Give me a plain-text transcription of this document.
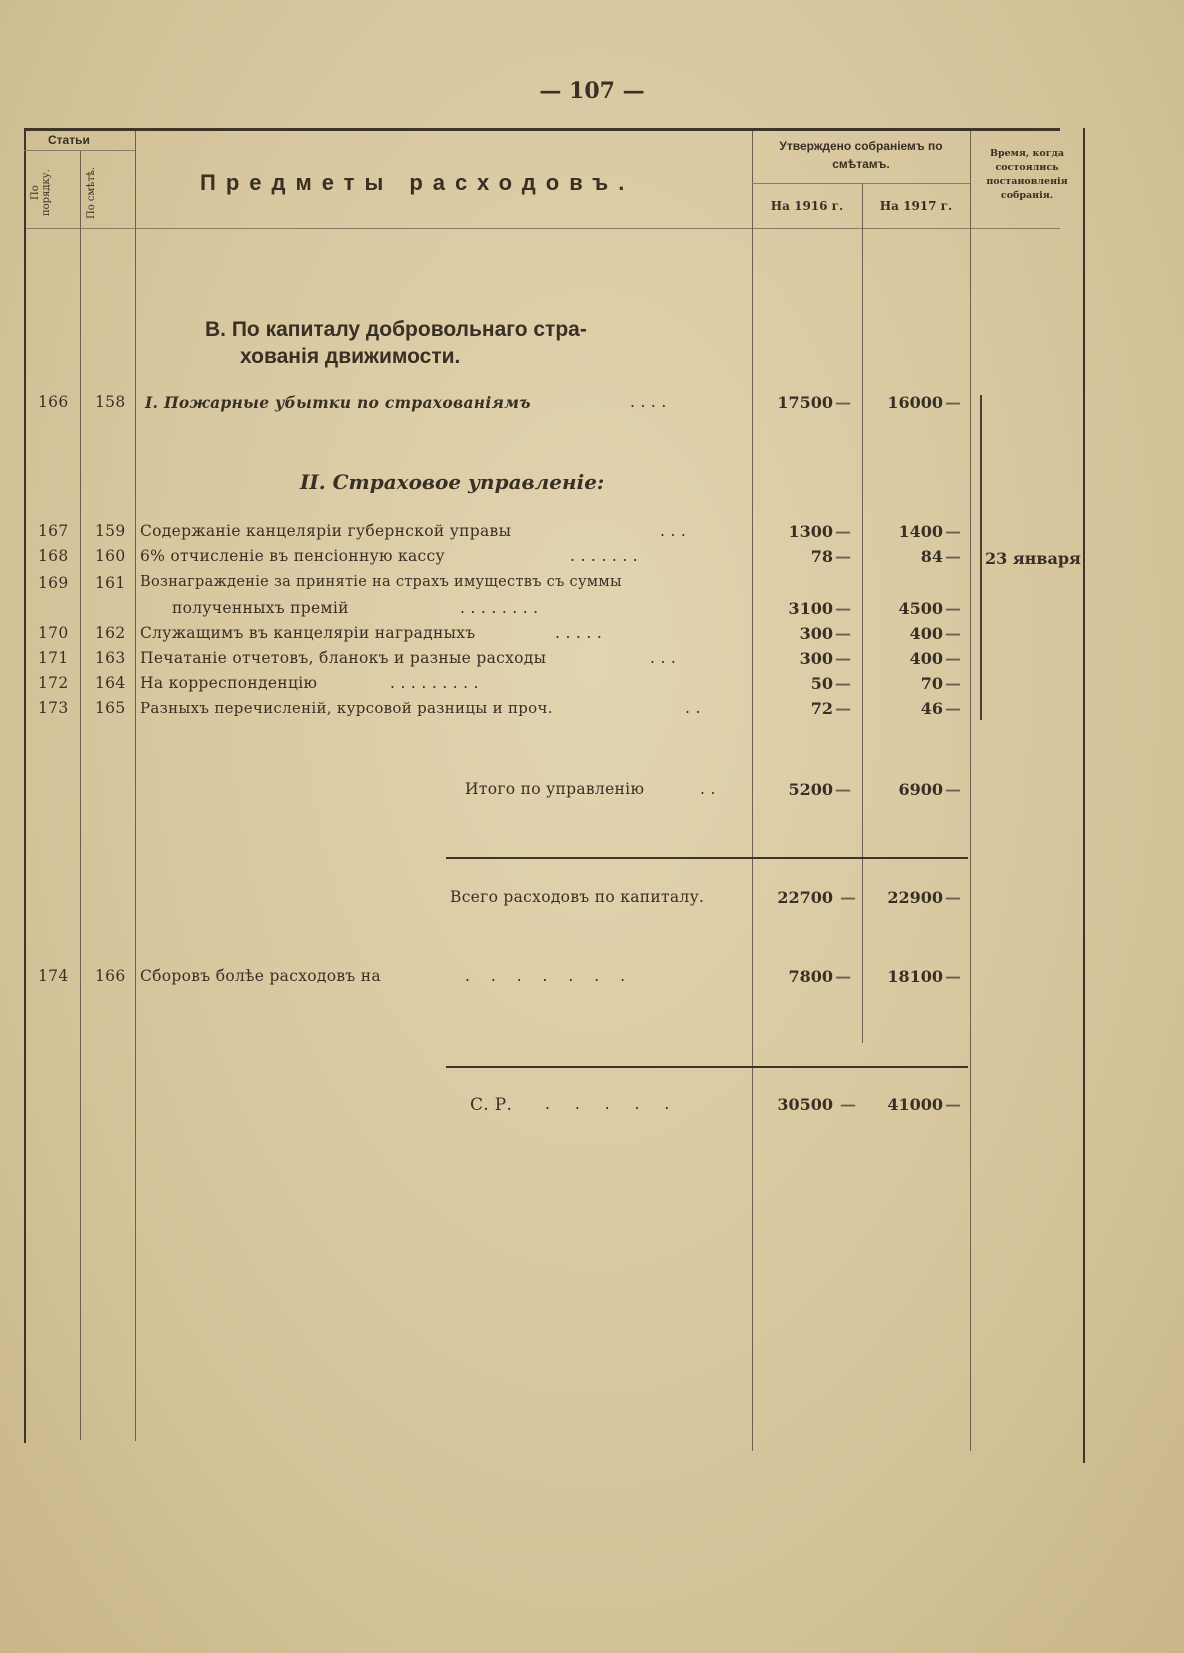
— 107 —
Статьи
По порядку.	По смѣтѣ.	Предметы расходовъ.
Утверждено собраніемъ по смѣтамъ.
На 1916 г.	На 1917 г.
Время, когда состоялись постановленія собранія.
В. По капиталу добровольнаго стра-
хованія движимости.
166 158 I. Пожарные убытки по страхованіямъ	. . . .	17500 —	16000 —
II. Страховое управленіе:
167 159 Содержаніе канцеляріи губернской управы	. . .	1300 —	1400 —
168 160 6% отчисленіе въ пенсіонную кассу	. . . . . . .	78 —	84 — 23 января
169 161 Вознагражденіе за принятіе на страхъ имуществъ съ суммы
полученныхъ премій	. . . . . . . .	3100 —	4500 —
170 162 Служащимъ въ канцеляріи наградныхъ	. . . . .	300 —	400 —
171 163 Печатаніе отчетовъ, бланокъ и разные расходы	. . .	300 —	400 —
172 164 На корреспонденцію	. . . . . . . . .	50 —	70 —
173 165 Разныхъ перечисленій, курсовой разницы и проч.	. .	72 —	46 —
Итого по управленію	. .	5200 —	6900 —
Всего расходовъ по капиталу.	22700 —	22900 —
174 166 Сборовъ болѣе расходовъ на	. . . . . . .	7800 —	18100 —
С. Р. . . . . .	30500 —	41000 —
